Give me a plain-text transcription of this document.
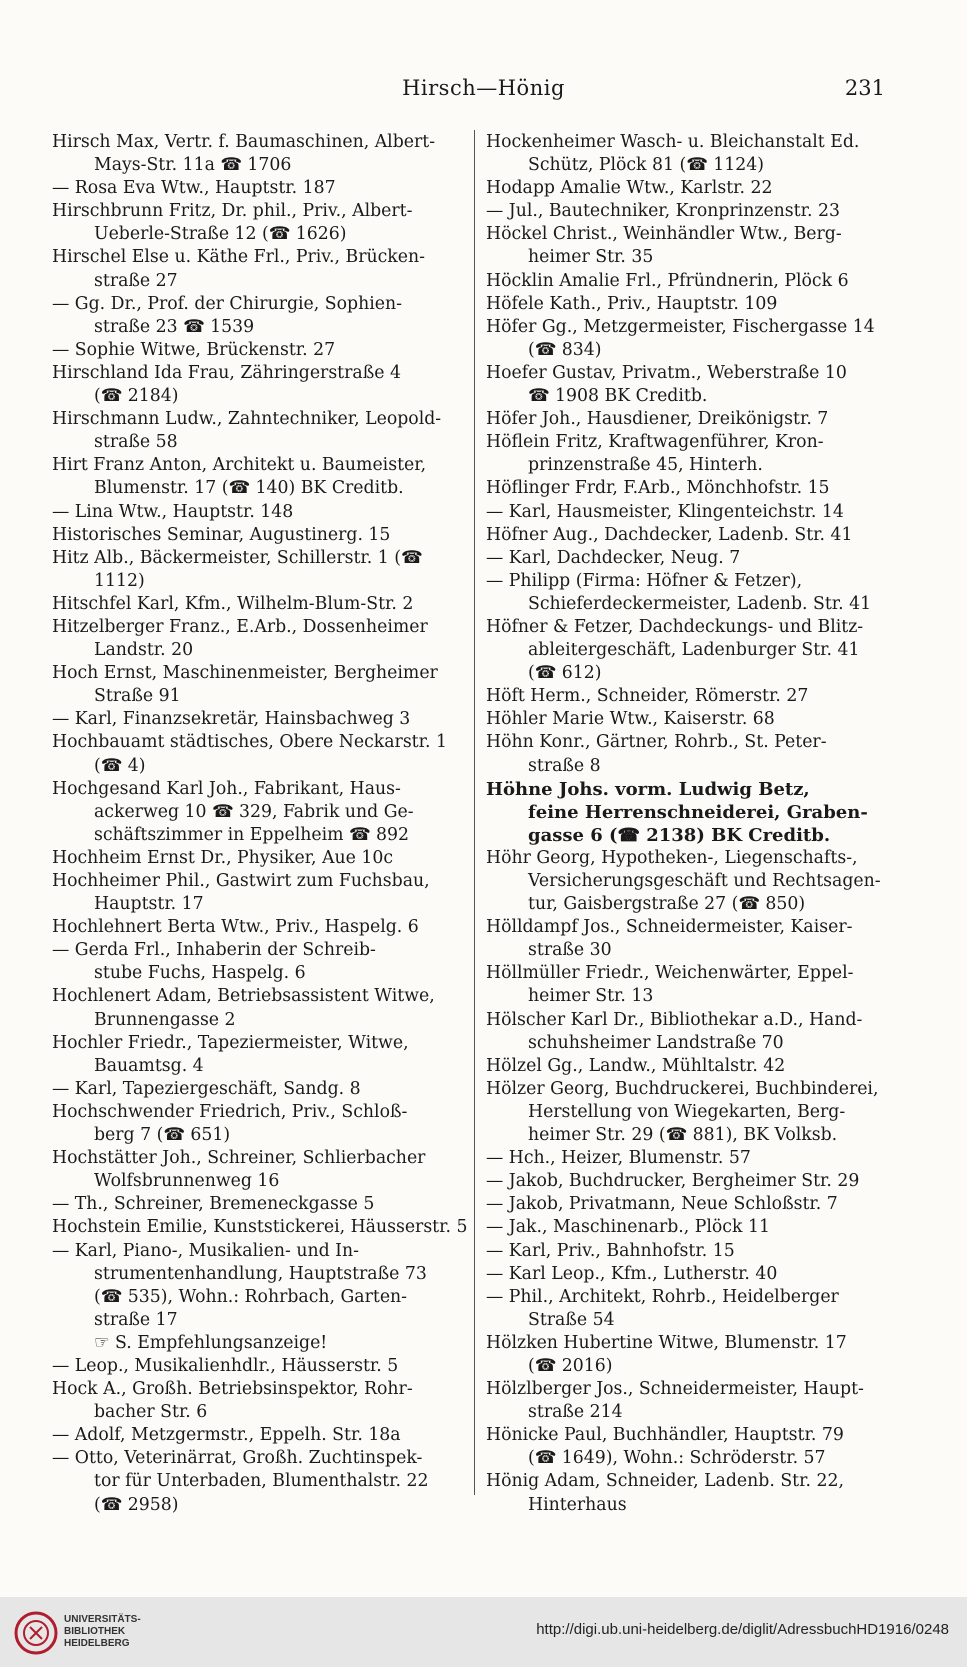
Hirsch—Hönig	231
Hirsch Max, Vertr. f. Baumaschinen, Albert-
Mays-Str. 11a ☎ 1706
— Rosa Eva Wtw., Hauptstr. 187
Hirschbrunn Fritz, Dr. phil., Priv., Albert-
Ueberle-Straße 12 (☎ 1626)
Hirschel Else u. Käthe Frl., Priv., Brücken-
straße 27
— Gg. Dr., Prof. der Chirurgie, Sophien-
straße 23 ☎ 1539
— Sophie Witwe, Brückenstr. 27
Hirschland Ida Frau, Zähringerstraße 4
(☎ 2184)
Hirschmann Ludw., Zahntechniker, Leopold-
straße 58
Hirt Franz Anton, Architekt u. Baumeister,
Blumenstr. 17 (☎ 140) BK Creditb.
— Lina Wtw., Hauptstr. 148
Historisches Seminar, Augustinerg. 15
Hitz Alb., Bäckermeister, Schillerstr. 1 (☎
1112)
Hitschfel Karl, Kfm., Wilhelm-Blum-Str. 2
Hitzelberger Franz., E.Arb., Dossenheimer
Landstr. 20
Hoch Ernst, Maschinenmeister, Bergheimer
Straße 91
— Karl, Finanzsekretär, Hainsbachweg 3
Hochbauamt städtisches, Obere Neckarstr. 1
(☎ 4)
Hochgesand Karl Joh., Fabrikant, Haus-
ackerweg 10 ☎ 329, Fabrik und Ge-
schäftszimmer in Eppelheim ☎ 892
Hochheim Ernst Dr., Physiker, Aue 10c
Hochheimer Phil., Gastwirt zum Fuchsbau,
Hauptstr. 17
Hochlehnert Berta Wtw., Priv., Haspelg. 6
— Gerda Frl., Inhaberin der Schreib-
stube Fuchs, Haspelg. 6
Hochlenert Adam, Betriebsassistent Witwe,
Brunnengasse 2
Hochler Friedr., Tapeziermeister, Witwe,
Bauamtsg. 4
— Karl, Tapeziergeschäft, Sandg. 8
Hochschwender Friedrich, Priv., Schloß-
berg 7 (☎ 651)
Hochstätter Joh., Schreiner, Schlierbacher
Wolfsbrunnenweg 16
— Th., Schreiner, Bremeneckgasse 5
Hochstein Emilie, Kunststickerei, Häusserstr. 5
— Karl, Piano-, Musikalien- und In-
strumentenhandlung, Hauptstraße 73
(☎ 535), Wohn.: Rohrbach, Garten-
straße 17
☞ S. Empfehlungsanzeige!
— Leop., Musikalienhdlr., Häusserstr. 5
Hock A., Großh. Betriebsinspektor, Rohr-
bacher Str. 6
— Adolf, Metzgermstr., Eppelh. Str. 18a
— Otto, Veterinärrat, Großh. Zuchtinspek-
tor für Unterbaden, Blumenthalstr. 22
(☎ 2958)
Hockenheimer Wasch- u. Bleichanstalt Ed.
Schütz, Plöck 81 (☎ 1124)
Hodapp Amalie Wtw., Karlstr. 22
— Jul., Bautechniker, Kronprinzenstr. 23
Höckel Christ., Weinhändler Wtw., Berg-
heimer Str. 35
Höcklin Amalie Frl., Pfründnerin, Plöck 6
Höfele Kath., Priv., Hauptstr. 109
Höfer Gg., Metzgermeister, Fischergasse 14
(☎ 834)
Hoefer Gustav, Privatm., Weberstraße 10
☎ 1908 BK Creditb.
Höfer Joh., Hausdiener, Dreikönigstr. 7
Höflein Fritz, Kraftwagenführer, Kron-
prinzenstraße 45, Hinterh.
Höflinger Frdr, F.Arb., Mönchhofstr. 15
— Karl, Hausmeister, Klingenteichstr. 14
Höfner Aug., Dachdecker, Ladenb. Str. 41
— Karl, Dachdecker, Neug. 7
— Philipp (Firma: Höfner & Fetzer),
Schieferdeckermeister, Ladenb. Str. 41
Höfner & Fetzer, Dachdeckungs- und Blitz-
ableitergeschäft, Ladenburger Str. 41
(☎ 612)
Höft Herm., Schneider, Römerstr. 27
Höhler Marie Wtw., Kaiserstr. 68
Höhn Konr., Gärtner, Rohrb., St. Peter-
straße 8
Höhne Johs. vorm. Ludwig Betz,
feine Herrenschneiderei, Graben-
gasse 6 (☎ 2138) BK Creditb.
Höhr Georg, Hypotheken-, Liegenschafts-,
Versicherungsgeschäft und Rechtsagen-
tur, Gaisbergstraße 27 (☎ 850)
Hölldampf Jos., Schneidermeister, Kaiser-
straße 30
Höllmüller Friedr., Weichenwärter, Eppel-
heimer Str. 13
Hölscher Karl Dr., Bibliothekar a.D., Hand-
schuhsheimer Landstraße 70
Hölzel Gg., Landw., Mühltalstr. 42
Hölzer Georg, Buchdruckerei, Buchbinderei,
Herstellung von Wiegekarten, Berg-
heimer Str. 29 (☎ 881), BK Volksb.
— Hch., Heizer, Blumenstr. 57
— Jakob, Buchdrucker, Bergheimer Str. 29
— Jakob, Privatmann, Neue Schloßstr. 7
— Jak., Maschinenarb., Plöck 11
— Karl, Priv., Bahnhofstr. 15
— Karl Leop., Kfm., Lutherstr. 40
— Phil., Architekt, Rohrb., Heidelberger
Straße 54
Hölzken Hubertine Witwe, Blumenstr. 17
(☎ 2016)
Hölzlberger Jos., Schneidermeister, Haupt-
straße 214
Hönicke Paul, Buchhändler, Hauptstr. 79
(☎ 1649), Wohn.: Schröderstr. 57
Hönig Adam, Schneider, Ladenb. Str. 22,
Hinterhaus
UNIVERSITÄTS-
BIBLIOTHEK
HEIDELBERG
http://digi.ub.uni-heidelberg.de/diglit/AdressbuchHD1916/0248
